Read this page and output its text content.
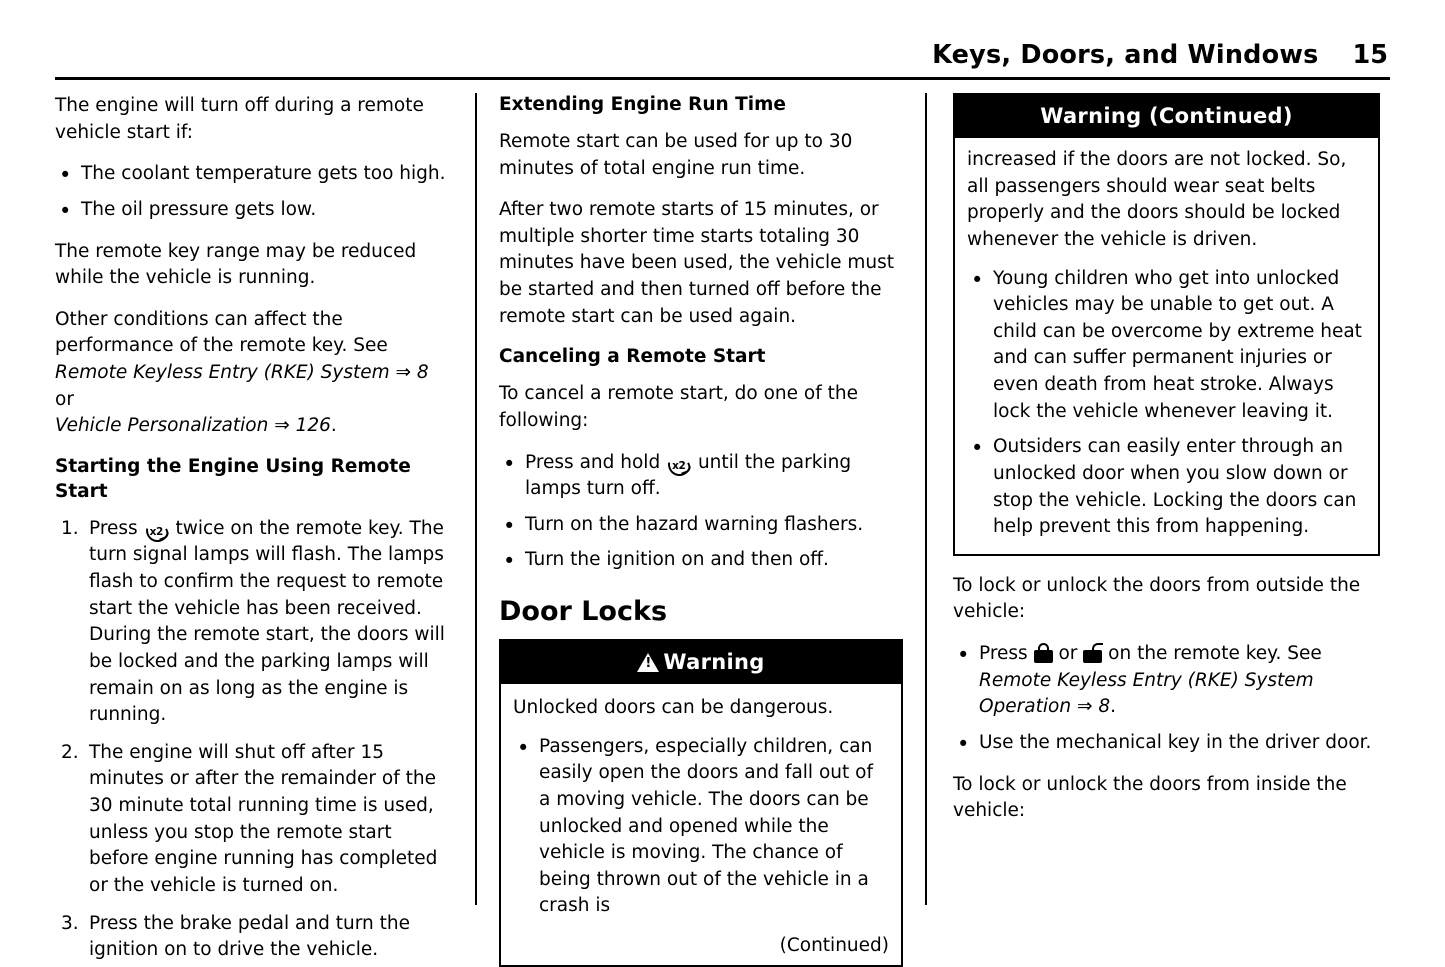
Keys, Doors, and Windows 15

The engine will turn off during a remote vehicle start if:

• The coolant temperature gets too high.
• The oil pressure gets low.

The remote key range may be reduced while the vehicle is running.

Other conditions can affect the performance of the remote key. See Remote Keyless Entry (RKE) System ⇒ 8 or
Vehicle Personalization ⇒ 126.

Starting the Engine Using Remote Start
Press x2 twice on the remote key. The turn signal lamps will flash. The lamps flash to confirm the request to remote start the vehicle has been received. During the remote start, the doors will be locked and the parking lamps will remain on as long as the engine is running.
The engine will shut off after 15 minutes or after the remainder of the 30 minute total running time is used, unless you stop the remote start before engine running has completed or the vehicle is turned on.
Press the brake pedal and turn the ignition on to drive the vehicle.
Extending Engine Run Time

Remote start can be used for up to 30 minutes of total engine run time.

After two remote starts of 15 minutes, or multiple shorter time starts totaling 30 minutes have been used, the vehicle must be started and then turned off before the remote start can be used again.

Canceling a Remote Start

To cancel a remote start, do one of the following:

• Press and hold x2 until the parking lamps turn off.
• Turn on the hazard warning flashers.
• Turn the ignition on and then off.
Door Locks
!Warning

Unlocked doors can be dangerous.

• Passengers, especially children, can easily open the doors and fall out of a moving vehicle. The doors can be unlocked and opened while the vehicle is moving. The chance of being thrown out of the vehicle in a crash is
(Continued)
Warning (Continued)

increased if the doors are not locked. So, all passengers should wear seat belts properly and the doors should be locked whenever the vehicle is driven.

• Young children who get into unlocked vehicles may be unable to get out. A child can be overcome by extreme heat and can suffer permanent injuries or even death from heat stroke. Always lock the vehicle whenever leaving it.
• Outsiders can easily enter through an unlocked door when you slow down or stop the vehicle. Locking the doors can help prevent this from happening.

To lock or unlock the doors from outside the vehicle:

• Press
or
on the remote key. See Remote Keyless Entry (RKE) System Operation ⇒ 8.
• Use the mechanical key in the driver door.

To lock or unlock the doors from inside the vehicle:
